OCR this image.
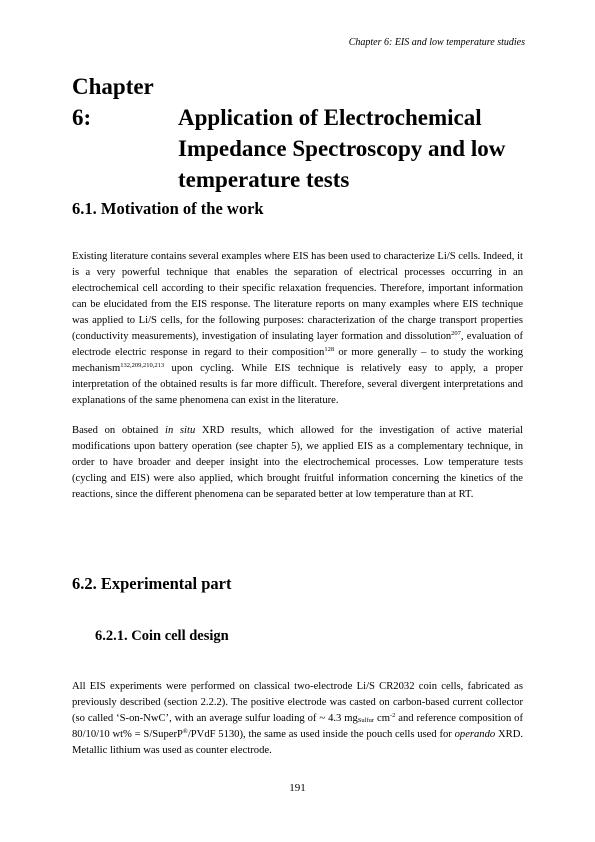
Chapter 6: EIS and low temperature studies
Chapter 6:	Application of Electrochemical
Impedance Spectroscopy and low
temperature tests
6.1. Motivation of the work

Existing literature contains several examples where EIS has been used to characterize Li/S cells. Indeed, it is a very powerful technique that enables the separation of electrical processes occurring in an electrochemical cell according to their specific relaxation frequencies. Therefore, important information can be elucidated from the EIS response. The literature reports on many examples where EIS technique was applied to Li/S cells, for the following purposes: characterization of the charge transport properties (conductivity measurements), investigation of insulating layer formation and dissolution$^{207}$, evaluation of electrode electric response in regard to their composition$^{128}$ or more generally – to study the working mechanism$^{132,209,210,213}$ upon cycling. While EIS technique is relatively easy to apply, a proper interpretation of the obtained results is far more difficult. Therefore, several divergent interpretations and explanations of the same phenomena can exist in the literature.

Based on obtained in situ XRD results, which allowed for the investigation of active material modifications upon battery operation (see chapter 5), we applied EIS as a complementary technique, in order to have broader and deeper insight into the electrochemical processes. Low temperature tests (cycling and EIS) were also applied, which brought fruitful information concerning the kinetics of the reactions, since the different phenomena can be separated better at low temperature than at RT.

6.2. Experimental part
6.2.1. Coin cell design

All EIS experiments were performed on classical two-electrode Li/S CR2032 coin cells, fabricated as previously described (section 2.2.2). The positive electrode was casted on carbon-based current collector (so called ‘S-on-NwC’, with an average sulfur loading of ~ 4.3 $mg_{Sulfur}$ $cm^{-2}$ and reference composition of 80/10/10 wt% = S/SuperP®/PVdF 5130), the same as used inside the pouch cells used for operando XRD. Metallic lithium was used as counter electrode.

191
